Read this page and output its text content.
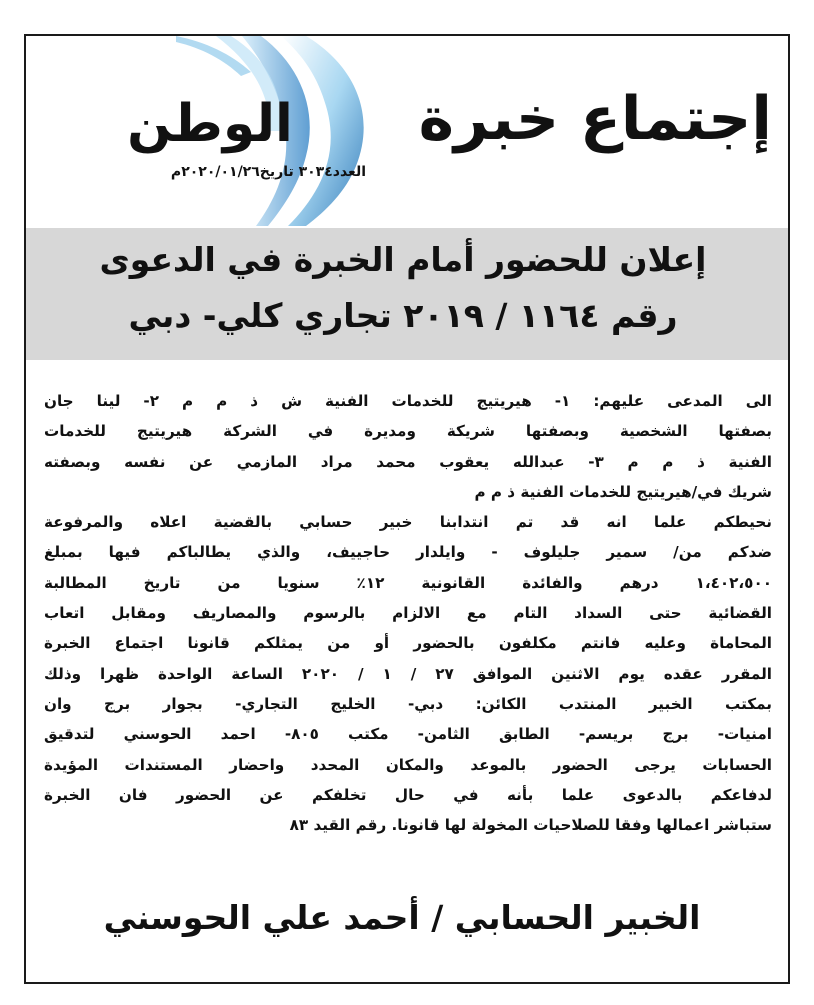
الوطن
العدد٣٠٣٤ تاريخ٢٠٢٠/٠١/٢٦م
إجتماع خبرة
إعلان للحضور أمام الخبرة في الدعوى
رقم ١١٦٤ / ٢٠١٩ تجاري كلي- دبي
الى المدعى عليهم: ١- هيريتيج للخدمات الفنية ش ذ م م ٢- لينا جان
بصفتها الشخصية وبصفتها شريكة ومديرة في الشركة هيريتيج للخدمات
الفنية ذ م م ٣- عبدالله يعقوب محمد مراد المازمي عن نفسه وبصفته
شريك في/هيريتيج للخدمات الفنية ذ م م
نحيطكم علما انه قد تم انتدابنا خبير حسابي بالقضية اعلاه والمرفوعة
ضدكم من/ سمير جليلوف - وايلدار حاجييف، والذي يطالباكم فيها بمبلغ
١،٤٠٢،٥٠٠ درهم والفائدة القانونية ١٢٪ سنويا من تاريخ المطالبة
القضائية حتى السداد التام مع الالزام بالرسوم والمصاريف ومقابل اتعاب
المحاماة وعليه فانتم مكلفون بالحضور أو من يمثلكم قانونا اجتماع الخبرة
المقرر عقده يوم الاثنين الموافق ٢٧ / ١ / ٢٠٢٠ الساعة الواحدة ظهرا وذلك
بمكتب الخبير المنتدب الكائن: دبي- الخليج التجاري- بجوار برج وان
امنيات- برج بريسم- الطابق الثامن- مكتب ٨٠٥- احمد الحوسني لتدقيق
الحسابات يرجى الحضور بالموعد والمكان المحدد واحضار المستندات المؤيدة
لدفاعكم بالدعوى علما بأنه في حال تخلفكم عن الحضور فان الخبرة
ستباشر اعمالها وفقا للصلاحيات المخولة لها قانونا. رقم القيد ٨٣
الخبير الحسابي / أحمد علي الحوسني
